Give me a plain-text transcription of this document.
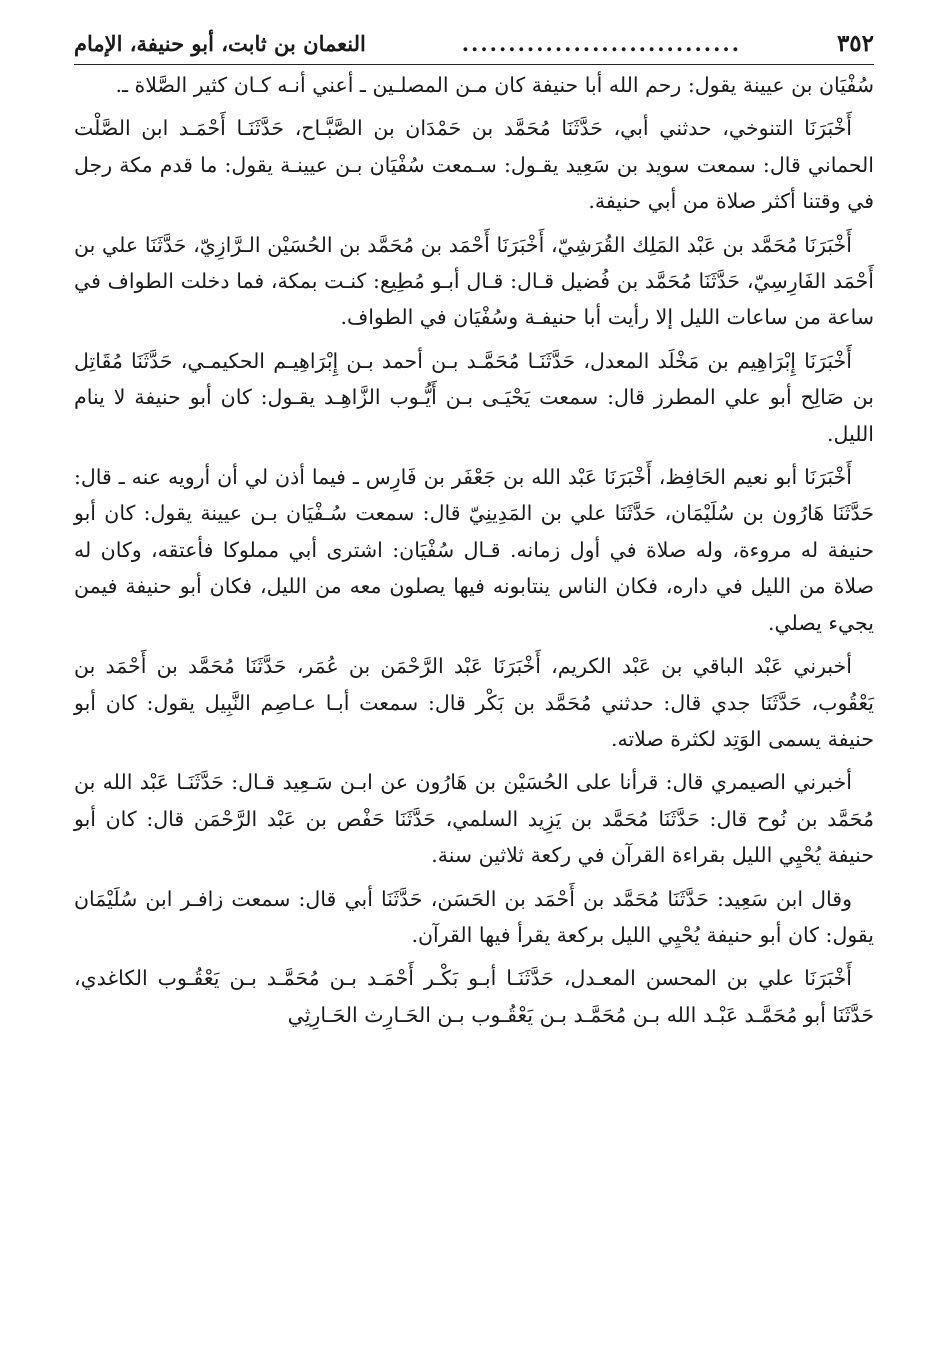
٣٥٢
..............................
النعمان بن ثابت، أبو حنيفة، الإمام

سُفْيَان بن عيينة يقول: رحم الله أبا حنيفة كان مـن المصلـين ـ أعني أنـه كـان كثير الصَّلاة ـ.

أَخْبَرَنَا التنوخي، حدثني أبي، حَدَّثَنَا مُحَمَّد بن حَمْدَان بن الصَّبَّـاح، حَدَّثَنَـا أَحْمَـد ابن الصَّلْت الحماني قال: سمعت سويد بن سَعِيد يقـول: سـمعت سُفْيَان بـن عيينـة يقول: ما قدم مكة رجل في وقتنا أكثر صلاة من أبي حنيفة.

أَخْبَرَنَا مُحَمَّد بن عَبْد المَلِك القُرَشِيّ، أَخْبَرَنَا أَحْمَد بن مُحَمَّد بن الحُسَيْن الـرَّازِيّ، حَدَّثَنَا علي بن أَحْمَد الفَارِسِيّ، حَدَّثَنَا مُحَمَّد بن فُضيل قـال: قـال أبـو مُطِيع: كنـت بمكة، فما دخلت الطواف في ساعة من ساعات الليل إلا رأيت أبا حنيفـة وسُفْيَان في الطواف.

أَخْبَرَنَا إِبْرَاهِيم بن مَخْلَد المعدل، حَدَّثَنَـا مُحَمَّـد بـن أحمد بـن إِبْرَاهِيـم الحكيمـي، حَدَّثَنَا مُقَاتِل بن صَالِح أبو علي المطرز قال: سمعت يَحْيَـى بـن أَيُّـوب الزَّاهِـد يقـول: كان أبو حنيفة لا ينام الليل.

أَخْبَرَنَا أبو نعيم الحَافِظ، أَخْبَرَنَا عَبْد الله بن جَعْفَر بن فَارِس ـ فيما أذن لي أن أرويه عنه ـ قال: حَدَّثَنَا هَارُون بن سُلَيْمَان، حَدَّثَنَا علي بن المَدِينِيّ قال: سمعت سُـفْيَان بـن عيينة يقول: كان أبو حنيفة له مروءة، وله صلاة في أول زمانه. قـال سُفْيَان: اشترى أبي مملوكا فأعتقه، وكان له صلاة من الليل في داره، فكان الناس ينتابونه فيها يصلون معه من الليل، فكان أبو حنيفة فيمن يجيء يصلي.

أخبرني عَبْد الباقي بن عَبْد الكريم، أَخْبَرَنَا عَبْد الرَّحْمَن بن عُمَر، حَدَّثَنَا مُحَمَّد بن أَحْمَد بن يَعْقُوب، حَدَّثَنَا جدي قال: حدثني مُحَمَّد بن بَكْر قال: سمعت أبـا عـاصِم النَّبِيل يقول: كان أبو حنيفة يسمى الوَتِد لكثرة صلاته.

أخبرني الصيمري قال: قرأنا على الحُسَيْن بن هَارُون عن ابـن سَـعِيد قـال: حَدَّثَنَـا عَبْد الله بن مُحَمَّد بن نُوح قال: حَدَّثَنَا مُحَمَّد بن يَزِيد السلمي، حَدَّثَنَا حَفْص بن عَبْد الرَّحْمَن قال: كان أبو حنيفة يُحْيِي الليل بقراءة القرآن في ركعة ثلاثين سنة.

وقال ابن سَعِيد: حَدَّثَنَا مُحَمَّد بن أَحْمَد بن الحَسَن، حَدَّثَنَا أبي قال: سمعت زافـر ابن سُلَيْمَان يقول: كان أبو حنيفة يُحْيِي الليل بركعة يقرأ فيها القرآن.

أَخْبَرَنَا علي بن المحسن المعـدل، حَدَّثَنَـا أبـو بَكْـر أَحْمَـد بـن مُحَمَّـد بـن يَعْقُـوب الكاغدي، حَدَّثَنَا أبو مُحَمَّـد عَبْـد الله بـن مُحَمَّـد بـن يَعْقُـوب بـن الحَـارِث الحَـارِثِي
